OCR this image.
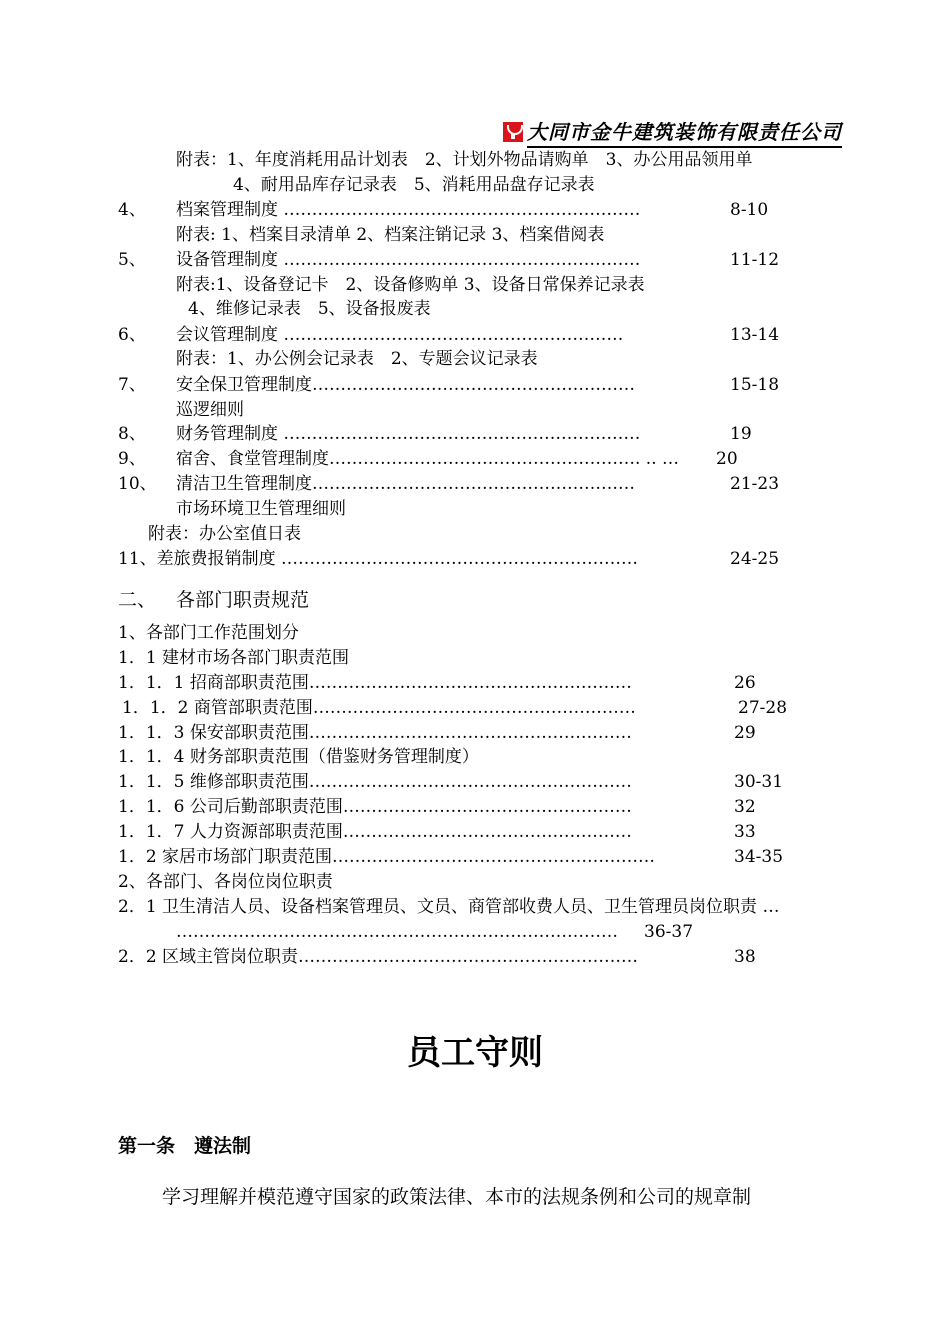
大同市金牛建筑装饰有限责任公司
附表：1、年度消耗用品计划表　2、计划外物品请购单　3、办公用品领用单
4、耐用品库存记录表　5、消耗用品盘存记录表
4、 档案管理制度 ………………………………………………………	8-10
附表: 1、档案目录清单 2、档案注销记录 3、档案借阅表
5、 设备管理制度 ………………………………………………………	11-12
附表:1、设备登记卡　2、设备修购单 3、设备日常保养记录表
4、维修记录表　5、设备报废表
6、 会议管理制度 ……………………………………………………	13-14
附表：1、办公例会记录表　2、专题会议记录表
7、 安全保卫管理制度…………………………………………………	15-18
巡逻细则
8、 财务管理制度 ………………………………………………………	19
9、 宿舍、食堂管理制度………………………………………………. .. … 20
10、 清洁卫生管理制度…………………………………………………	21-23
市场环境卫生管理细则
附表：办公室值日表
11、差旅费报销制度 ………………………………………………………	24-25
二、 各部门职责规范
1、各部门工作范围划分
1．1 建材市场各部门职责范围
1．1．1 招商部职责范围…………………………………………………	26
1．1．2 商管部职责范围…………………………………………………	27-28
1．1．3 保安部职责范围…………………………………………………	29
1．1．4 财务部职责范围（借鉴财务管理制度）
1．1．5 维修部职责范围…………………………………………………	30-31
1．1．6 公司后勤部职责范围……………………………………………	32
1．1．7 人力资源部职责范围……………………………………………	33
1．2 家居市场部门职责范围…………………………………………………	34-35
2、各部门、各岗位岗位职责
2．1 卫生清洁人员、设备档案管理员、文员、商管部收费人员、卫生管理员岗位职责 …
…………………………………………………………………… 36-37
2．2 区域主管岗位职责……………………………………………………	38
员工守则
第一条　遵法制
学习理解并模范遵守国家的政策法律、本市的法规条例和公司的规章制
